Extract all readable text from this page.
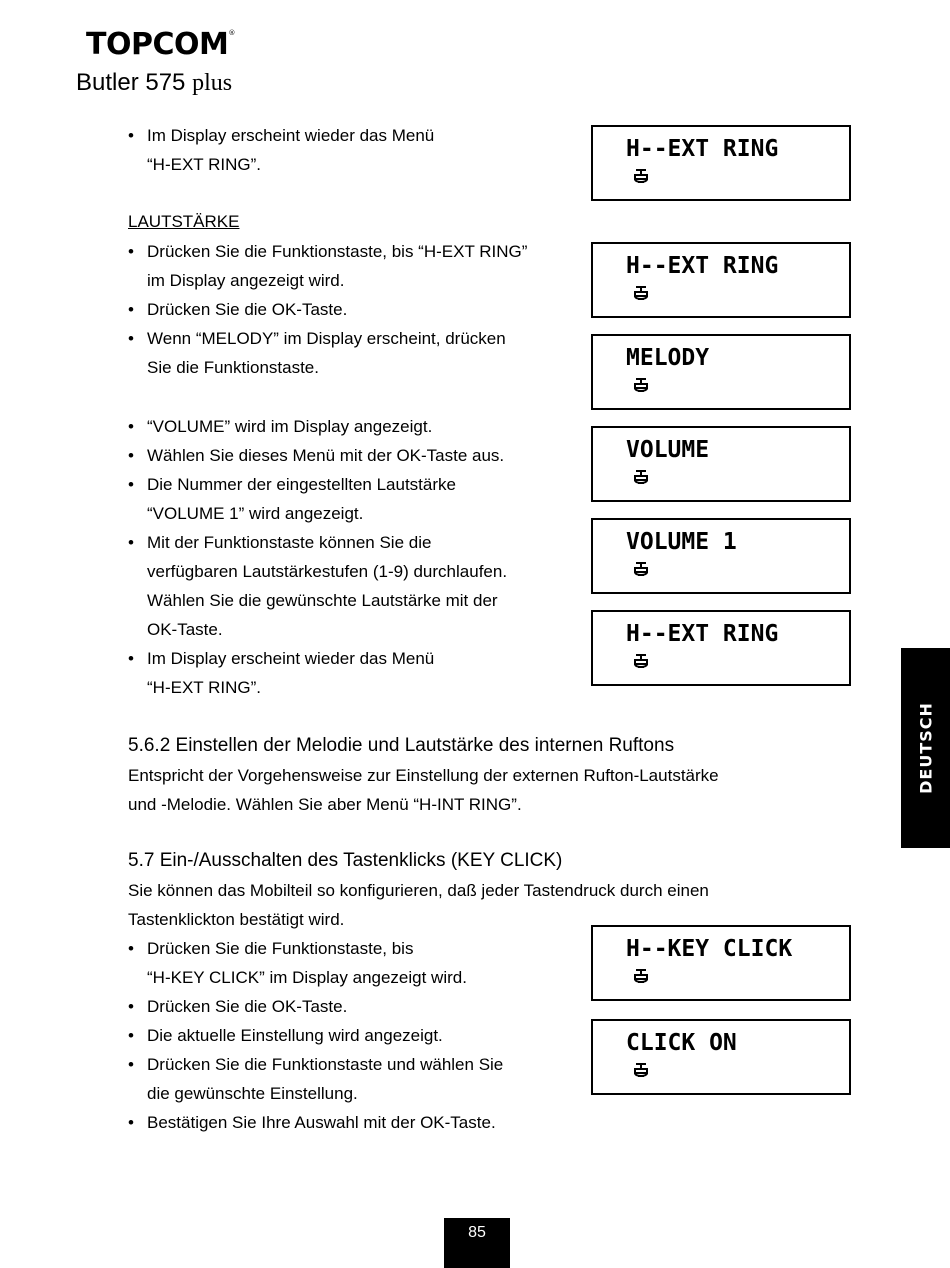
TOPCOM®
Butler 575 plus
• Im Display erscheint wieder das Menü
“H-EXT RING”.
LAUTSTÄRKE
• Drücken Sie die Funktionstaste, bis “H-EXT RING”
im Display angezeigt wird.
• Drücken Sie die OK-Taste.
• Wenn “MELODY” im Display erscheint, drücken
Sie die Funktionstaste.
• “VOLUME” wird im Display angezeigt.
• Wählen Sie dieses Menü mit der OK-Taste aus.
• Die Nummer der eingestellten Lautstärke
“VOLUME 1” wird angezeigt.
• Mit der Funktionstaste können Sie die
verfügbaren Lautstärkestufen (1-9) durchlaufen.
Wählen Sie die gewünschte Lautstärke mit der
OK-Taste.
• Im Display erscheint wieder das Menü
“H-EXT RING”.
5.6.2 Einstellen der Melodie und Lautstärke des internen Ruftons
Entspricht der Vorgehensweise zur Einstellung der externen Rufton-Lautstärke
und -Melodie. Wählen Sie aber Menü “H-INT RING”.
5.7 Ein-/Ausschalten des Tastenklicks (KEY CLICK)
Sie können das Mobilteil so konfigurieren, daß jeder Tastendruck durch einen
Tastenklickton bestätigt wird.
• Drücken Sie die Funktionstaste, bis
“H-KEY CLICK” im Display angezeigt wird.
• Drücken Sie die OK-Taste.
• Die aktuelle Einstellung wird angezeigt.
• Drücken Sie die Funktionstaste und wählen Sie
die gewünschte Einstellung.
• Bestätigen Sie Ihre Auswahl mit der OK-Taste.
H--EXT RING
H--EXT RING
MELODY
VOLUME
VOLUME 1
H--EXT RING
H--KEY CLICK
CLICK ON
DEUTSCH
85
